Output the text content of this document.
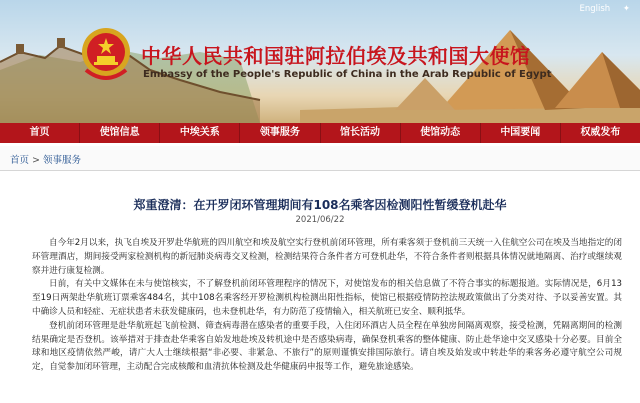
English ✦
中华人民共和国驻阿拉伯埃及共和国大使馆
Embassy of the People's Republic of China in the Arab Republic of Egypt
首页	使馆信息	中埃关系	领事服务	馆长活动	使馆动态	中国要闻	权威发布
首页 > 领事服务
郑重澄清：在开罗闭环管理期间有108名乘客因检测阳性暂缓登机赴华
2021/06/22

自今年2月以来，执飞自埃及开罗赴华航班的四川航空和埃及航空实行登机前闭环管理，所有乘客须于登机前三天统一入住航空公司在埃及当地指定的闭环管理酒店，期间接受两家检测机构的新冠肺炎病毒交叉检测，检测结果符合条件者方可登机赴华，不符合条件者则根据具体情况就地隔离、治疗或继续观察并进行康复检测。

日前，有关中文媒体在未与使馆核实，不了解登机前闭环管理程序的情况下，对使馆发布的相关信息做了不符合事实的标题报道。实际情况是，6月13至19日两架赴华航班订票乘客484名，其中108名乘客经开罗检测机构检测出阳性指标，使馆已根据疫情防控法规政策做出了分类对待、予以妥善安置。其中确诊人员和轻症、无症状患者未获发健康码，也未登机赴华，有力防范了疫情输入，相关航班已安全、顺利抵华。

登机前闭环管理是赴华航班起飞前检测、筛查病毒潜在感染者的重要手段，入住闭环酒店人员全程在单独房间隔离观察，接受检测，凭隔离期间的检测结果确定是否登机。该举措对于排查赴华乘客自始发地赴埃及转机途中是否感染病毒，确保登机乘客的整体健康、防止赴华途中交叉感染十分必要。目前全球和地区疫情依然严峻，请广大人士继续根据“非必要、非紧急、不旅行”的原则谨慎安排国际旅行。请自埃及始发或中转赴华的乘客务必遵守航空公司规定，自觉参加闭环管理，主动配合完成核酸和血清抗体检测及赴华健康码申报等工作，避免旅途感染。
